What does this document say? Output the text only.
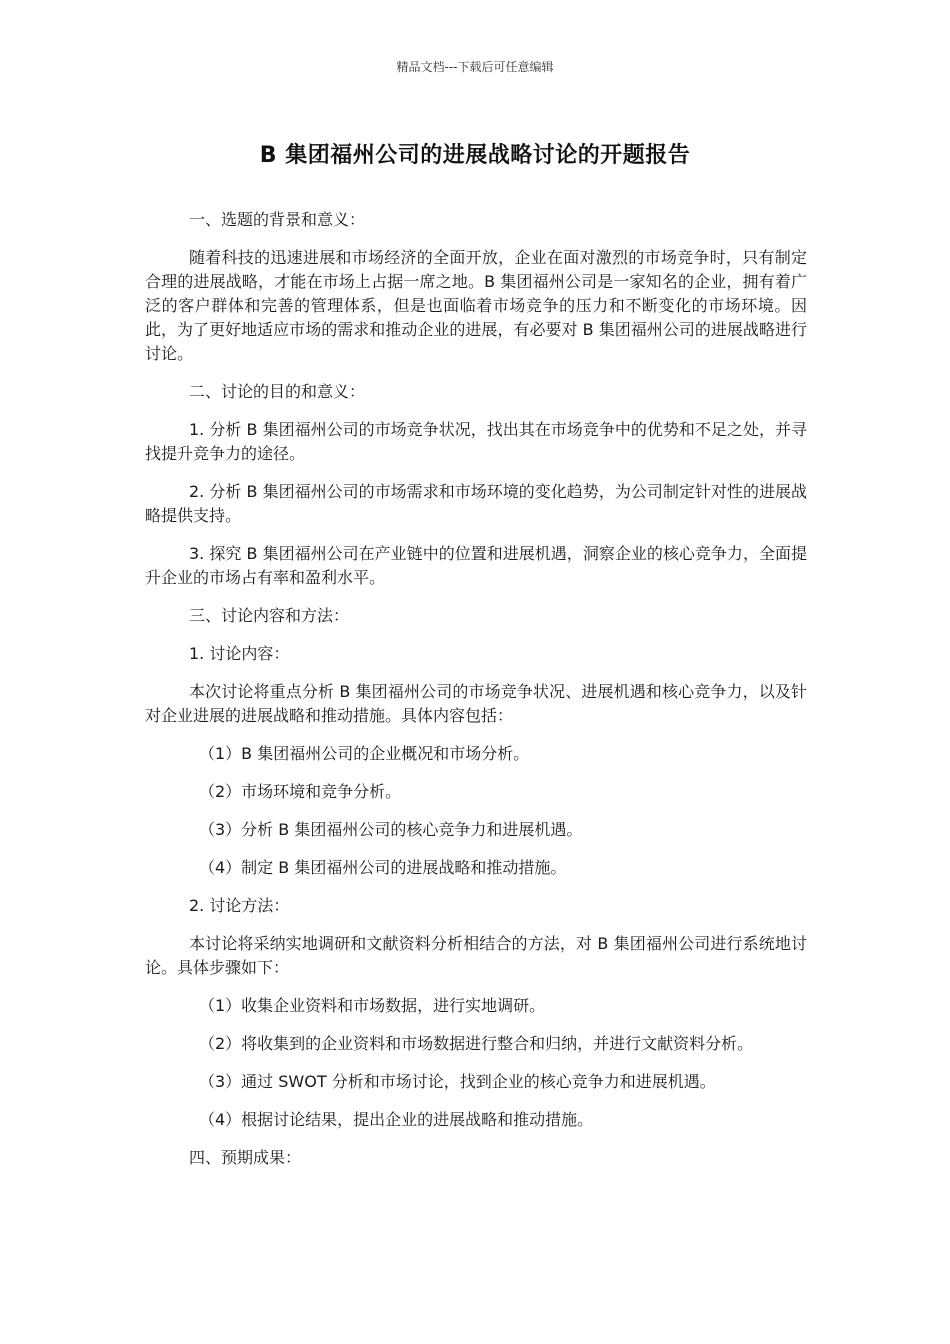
精品文档---下载后可任意编辑
B 集团福州公司的进展战略讨论的开题报告

一、选题的背景和意义：

随着科技的迅速进展和市场经济的全面开放，企业在面对激烈的市场竞争时，只有制定合理的进展战略，才能在市场上占据一席之地。B 集团福州公司是一家知名的企业，拥有着广泛的客户群体和完善的管理体系，但是也面临着市场竞争的压力和不断变化的市场环境。因此，为了更好地适应市场的需求和推动企业的进展，有必要对 B 集团福州公司的进展战略进行讨论。

二、讨论的目的和意义：

1. 分析 B 集团福州公司的市场竞争状况，找出其在市场竞争中的优势和不足之处，并寻找提升竞争力的途径。

2. 分析 B 集团福州公司的市场需求和市场环境的变化趋势，为公司制定针对性的进展战略提供支持。

3. 探究 B 集团福州公司在产业链中的位置和进展机遇，洞察企业的核心竞争力，全面提升企业的市场占有率和盈利水平。

三、讨论内容和方法：

1. 讨论内容：

本次讨论将重点分析 B 集团福州公司的市场竞争状况、进展机遇和核心竞争力，以及针对企业进展的进展战略和推动措施。具体内容包括：

（1）B 集团福州公司的企业概况和市场分析。

（2）市场环境和竞争分析。

（3）分析 B 集团福州公司的核心竞争力和进展机遇。

（4）制定 B 集团福州公司的进展战略和推动措施。

2. 讨论方法：

本讨论将采纳实地调研和文献资料分析相结合的方法，对 B 集团福州公司进行系统地讨论。具体步骤如下：

（1）收集企业资料和市场数据，进行实地调研。

（2）将收集到的企业资料和市场数据进行整合和归纳，并进行文献资料分析。

（3）通过 SWOT 分析和市场讨论，找到企业的核心竞争力和进展机遇。

（4）根据讨论结果，提出企业的进展战略和推动措施。

四、预期成果：
